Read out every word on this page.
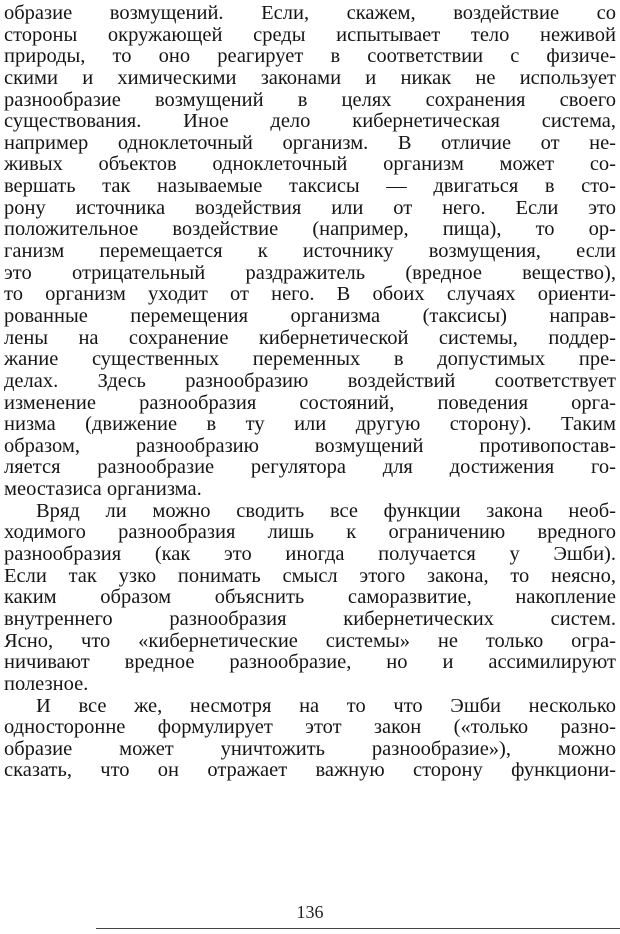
образие возмущений. Если, скажем, воздействие со
стороны окружающей среды испытывает тело неживой
природы, то оно реагирует в соответствии с физиче-
скими и химическими законами и никак не использует
разнообразие возмущений в целях сохранения своего
существования. Иное дело кибернетическая система,
например одноклеточный организм. В отличие от не-
живых объектов одноклеточный организм может со-
вершать так называемые таксисы — двигаться в сто-
рону источника воздействия или от него. Если это
положительное воздействие (например, пища), то ор-
ганизм перемещается к источнику возмущения, если
это отрицательный раздражитель (вредное вещество),
то организм уходит от него. В обоих случаях ориенти-
рованные перемещения организма (таксисы) направ-
лены на сохранение кибернетической системы, поддер-
жание существенных переменных в допустимых пре-
делах. Здесь разнообразию воздействий соответствует
изменение разнообразия состояний, поведения орга-
низма (движение в ту или другую сторону). Таким
образом, разнообразию возмущений противопостав-
ляется разнообразие регулятора для достижения го-
меостазиса организма.
Вряд ли можно сводить все функции закона необ-
ходимого разнообразия лишь к ограничению вредного
разнообразия (как это иногда получается у Эшби).
Если так узко понимать смысл этого закона, то неясно,
каким образом объяснить саморазвитие, накопление
внутреннего разнообразия кибернетических систем.
Ясно, что «кибернетические системы» не только огра-
ничивают вредное разнообразие, но и ассимилируют
полезное.
И все же, несмотря на то что Эшби несколько
односторонне формулирует этот закон («только разно-
образие может уничтожить разнообразие»), можно
сказать, что он отражает важную сторону функциони-
136
